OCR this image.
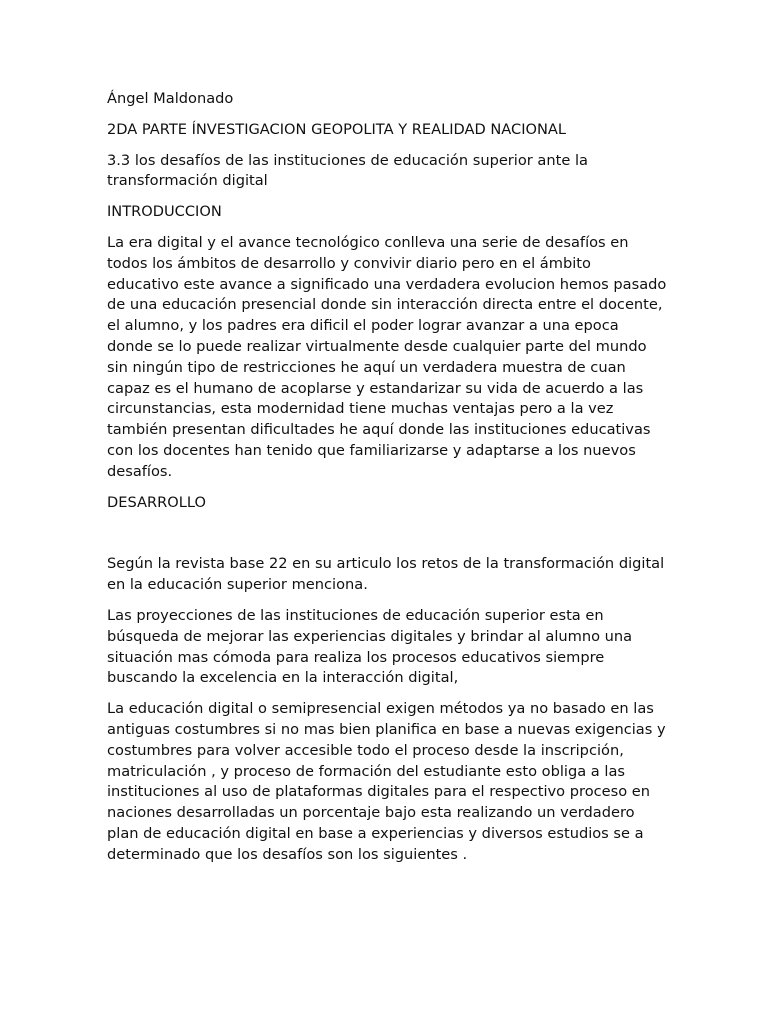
Ángel Maldonado

2DA PARTE ÍNVESTIGACION GEOPOLITA Y REALIDAD NACIONAL

3.3 los desafíos de las instituciones de educación superior ante la transformación digital

INTRODUCCION

La era digital y el avance tecnológico conlleva una serie de desafíos en todos los ámbitos de desarrollo y convivir diario pero en el ámbito educativo este avance a significado una verdadera evolucion hemos pasado de una educación presencial donde sin interacción directa entre el docente, el alumno, y los padres era dificil el poder lograr avanzar a una epoca donde se lo puede realizar virtualmente desde cualquier parte del mundo sin ningún tipo de restricciones he aquí un verdadera muestra de cuan capaz es el humano de acoplarse y estandarizar su vida de acuerdo a las circunstancias, esta modernidad tiene muchas ventajas pero a la vez también presentan dificultades he aquí donde las instituciones educativas con los docentes han tenido que familiarizarse y adaptarse a los nuevos desafíos.

DESARROLLO

Según la revista base 22 en su articulo los retos de la transformación digital en la educación superior menciona.

Las proyecciones de las instituciones de educación superior esta en búsqueda de mejorar las experiencias digitales y brindar al alumno una situación mas cómoda para realiza los procesos educativos siempre buscando la excelencia en la interacción digital,

La educación digital o semipresencial exigen métodos ya no basado en las antiguas costumbres si no mas bien planifica en base a nuevas exigencias y costumbres para volver accesible todo el proceso desde la inscripción, matriculación , y proceso de formación del estudiante esto obliga a las instituciones al uso de plataformas digitales para el respectivo proceso en naciones desarrolladas un porcentaje bajo esta realizando un verdadero plan de educación digital en base a experiencias y diversos estudios se a determinado que los desafíos son los siguientes .
